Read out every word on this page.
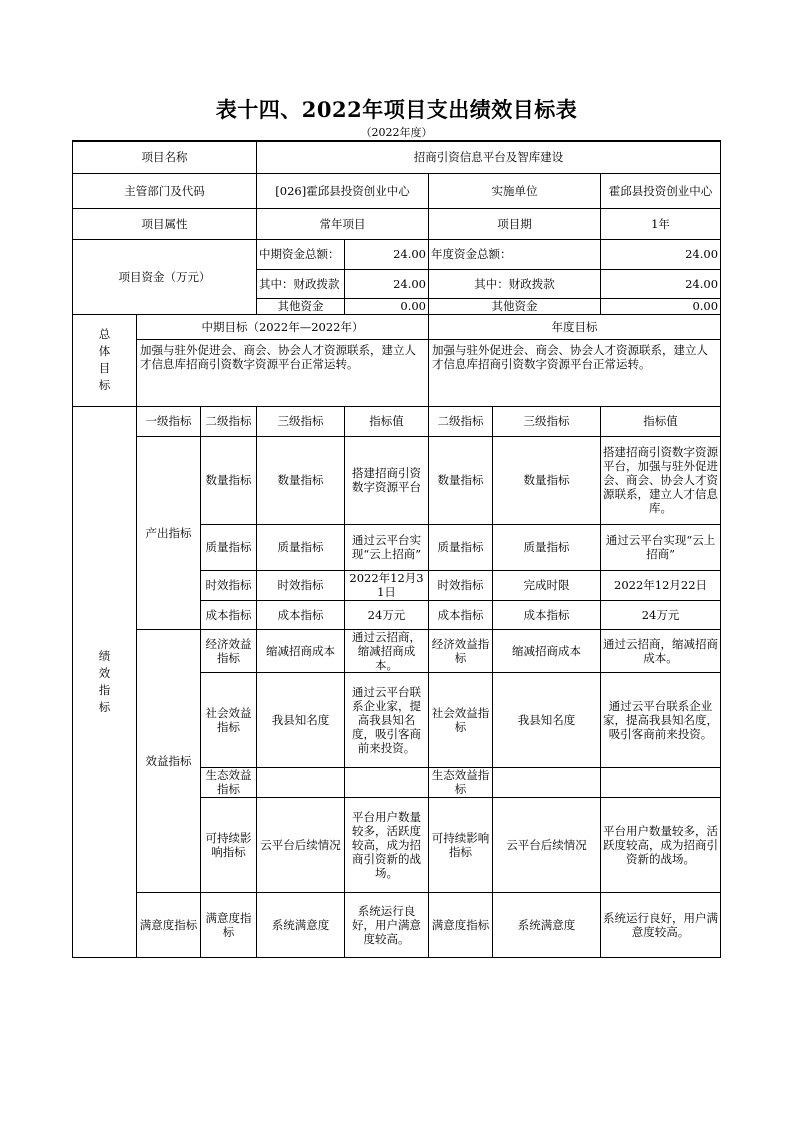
表十四、2022年项目支出绩效目标表
（2022年度）
项目名称			招商引资信息平台及智库建设				
主管部门及代码			[026]霍邱县投资创业中心		实施单位		霍邱县投资创业中心
项目属性			常年项目		项目期		1年
项目资金（万元）			中期资金总额：	24.00	年度资金总额：		24.00
			其中：财政拨款	24.00	其中：财政拨款		24.00
			其他资金	0.00	其他资金		0.00

总体目标	中期目标（2022年—2022年）				年度目标		
	加强与驻外促进会、商会、协会人才资源联系，建立人才信息库招商引资数字资源平台正常运转。				加强与驻外促进会、商会、协会人才资源联系，建立人才信息库招商引资数字资源平台正常运转。		

绩效指标	一级指标	二级指标	三级指标	指标值	二级指标	三级指标	指标值
	产出指标	数量指标	数量指标	搭建招商引资数字资源平台	数量指标	数量指标	搭建招商引资数字资源平台，加强与驻外促进会、商会、协会人才资源联系，建立人才信息库。
		质量指标	质量指标	通过云平台实现“云上招商”	质量指标	质量指标	通过云平台实现“云上招商”
		时效指标	时效指标	2022年12月31日	时效指标	完成时限	2022年12月22日
		成本指标	成本指标	24万元	成本指标	成本指标	24万元
	效益指标	经济效益指标	缩减招商成本	通过云招商，缩减招商成本。	经济效益指标	缩减招商成本	通过云招商，缩减招商成本。
		社会效益指标	我县知名度	通过云平台联系企业家，提高我县知名度，吸引客商前来投资。	社会效益指标	我县知名度	通过云平台联系企业家，提高我县知名度，吸引客商前来投资。
		生态效益指标			生态效益指标		
		可持续影响指标	云平台后续情况	平台用户数量较多，活跃度较高，成为招商引资新的战场。	可持续影响指标	云平台后续情况	平台用户数量较多，活跃度较高，成为招商引资新的战场。
	满意度指标	满意度指标	系统满意度	系统运行良好，用户满意度较高。	满意度指标	系统满意度	系统运行良好，用户满意度较高。
